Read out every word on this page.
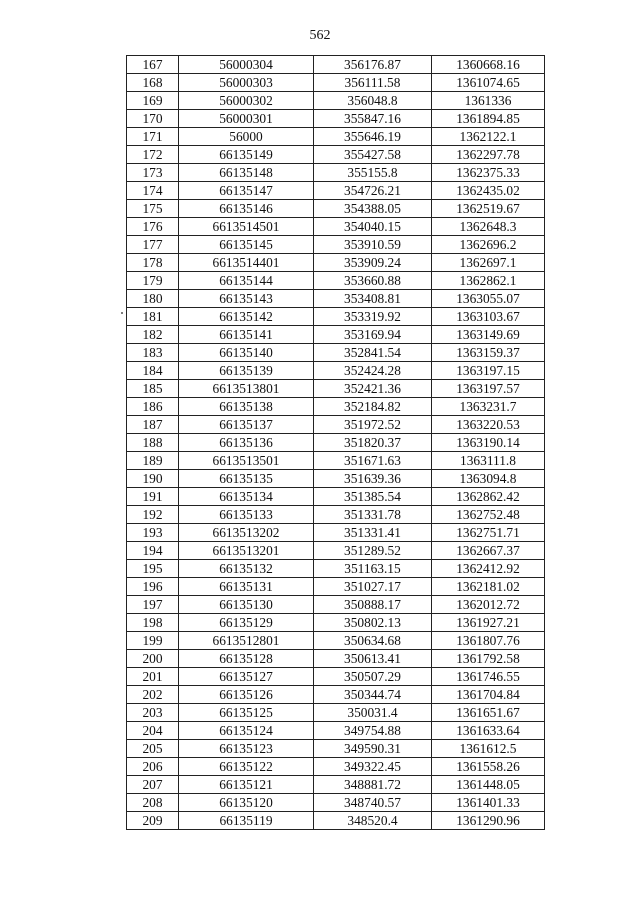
562
167	56000304	356176.87	1360668.16
168	56000303	356111.58	1361074.65
169	56000302	356048.8	1361336
170	56000301	355847.16	1361894.85
171	56000	355646.19	1362122.1
172	66135149	355427.58	1362297.78
173	66135148	355155.8	1362375.33
174	66135147	354726.21	1362435.02
175	66135146	354388.05	1362519.67
176	6613514501	354040.15	1362648.3
177	66135145	353910.59	1362696.2
178	6613514401	353909.24	1362697.1
179	66135144	353660.88	1362862.1
180	66135143	353408.81	1363055.07
181	66135142	353319.92	1363103.67
182	66135141	353169.94	1363149.69
183	66135140	352841.54	1363159.37
184	66135139	352424.28	1363197.15
185	6613513801	352421.36	1363197.57
186	66135138	352184.82	1363231.7
187	66135137	351972.52	1363220.53
188	66135136	351820.37	1363190.14
189	6613513501	351671.63	1363111.8
190	66135135	351639.36	1363094.8
191	66135134	351385.54	1362862.42
192	66135133	351331.78	1362752.48
193	6613513202	351331.41	1362751.71
194	6613513201	351289.52	1362667.37
195	66135132	351163.15	1362412.92
196	66135131	351027.17	1362181.02
197	66135130	350888.17	1362012.72
198	66135129	350802.13	1361927.21
199	6613512801	350634.68	1361807.76
200	66135128	350613.41	1361792.58
201	66135127	350507.29	1361746.55
202	66135126	350344.74	1361704.84
203	66135125	350031.4	1361651.67
204	66135124	349754.88	1361633.64
205	66135123	349590.31	1361612.5
206	66135122	349322.45	1361558.26
207	66135121	348881.72	1361448.05
208	66135120	348740.57	1361401.33
209	66135119	348520.4	1361290.96
